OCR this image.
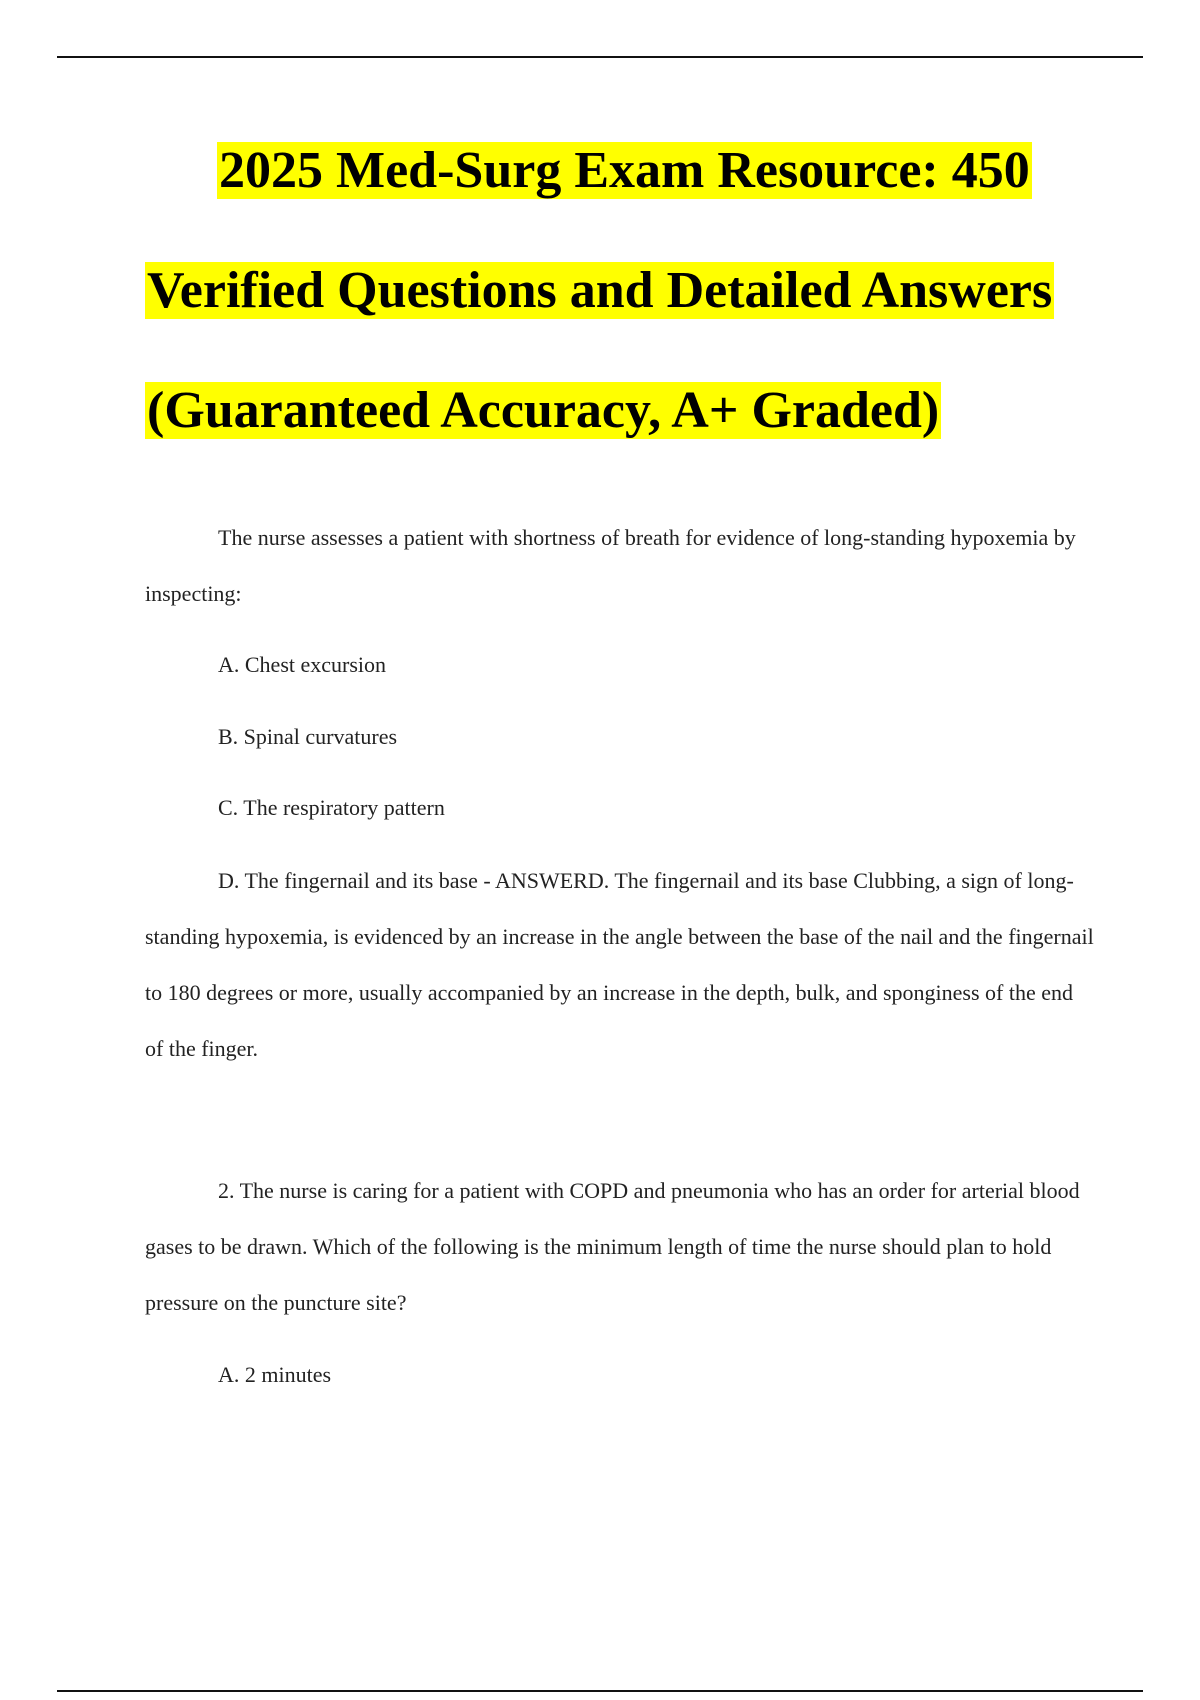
2025 Med-Surg Exam Resource: 450
Verified Questions and Detailed Answers
(Guaranteed Accuracy, A+ Graded)

The nurse assesses a patient with shortness of breath for evidence of long-standing hypoxemia by inspecting:

A. Chest excursion
B. Spinal curvatures
C. The respiratory pattern

D. The fingernail and its base - ANSWERD. The fingernail and its base Clubbing, a sign of long-standing hypoxemia, is evidenced by an increase in the angle between the base of the nail and the fingernail to 180 degrees or more, usually accompanied by an increase in the depth, bulk, and sponginess of the end of the finger.

2. The nurse is caring for a patient with COPD and pneumonia who has an order for arterial blood gases to be drawn. Which of the following is the minimum length of time the nurse should plan to hold pressure on the puncture site?

A. 2 minutes
